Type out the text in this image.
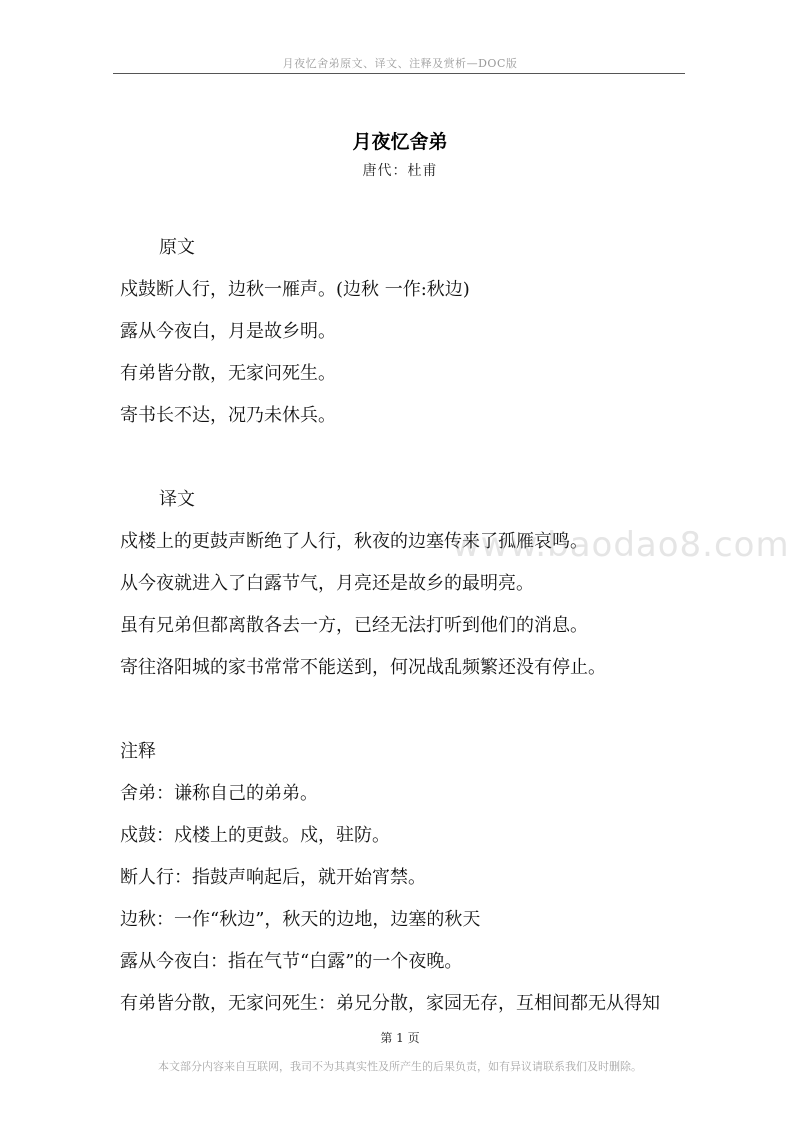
月夜忆舍弟原文、译文、注释及赏析—DOC版
月夜忆舍弟
唐代：杜甫
原文
戍鼓断人行，边秋一雁声。(边秋 一作:秋边)
露从今夜白，月是故乡明。
有弟皆分散，无家问死生。
寄书长不达，况乃未休兵。
译文
戍楼上的更鼓声断绝了人行，秋夜的边塞传来了孤雁哀鸣。
从今夜就进入了白露节气，月亮还是故乡的最明亮。
虽有兄弟但都离散各去一方，已经无法打听到他们的消息。
寄往洛阳城的家书常常不能送到，何况战乱频繁还没有停止。
www.baodao8.com
注释
舍弟：谦称自己的弟弟。
戍鼓：戍楼上的更鼓。戍，驻防。
断人行：指鼓声响起后，就开始宵禁。
边秋：一作“秋边”，秋天的边地，边塞的秋天
露从今夜白：指在气节“白露”的一个夜晚。
有弟皆分散，无家问死生：弟兄分散，家园无存，互相间都无从得知
第 1 页
本文部分内容来自互联网，我司不为其真实性及所产生的后果负责，如有异议请联系我们及时删除。
